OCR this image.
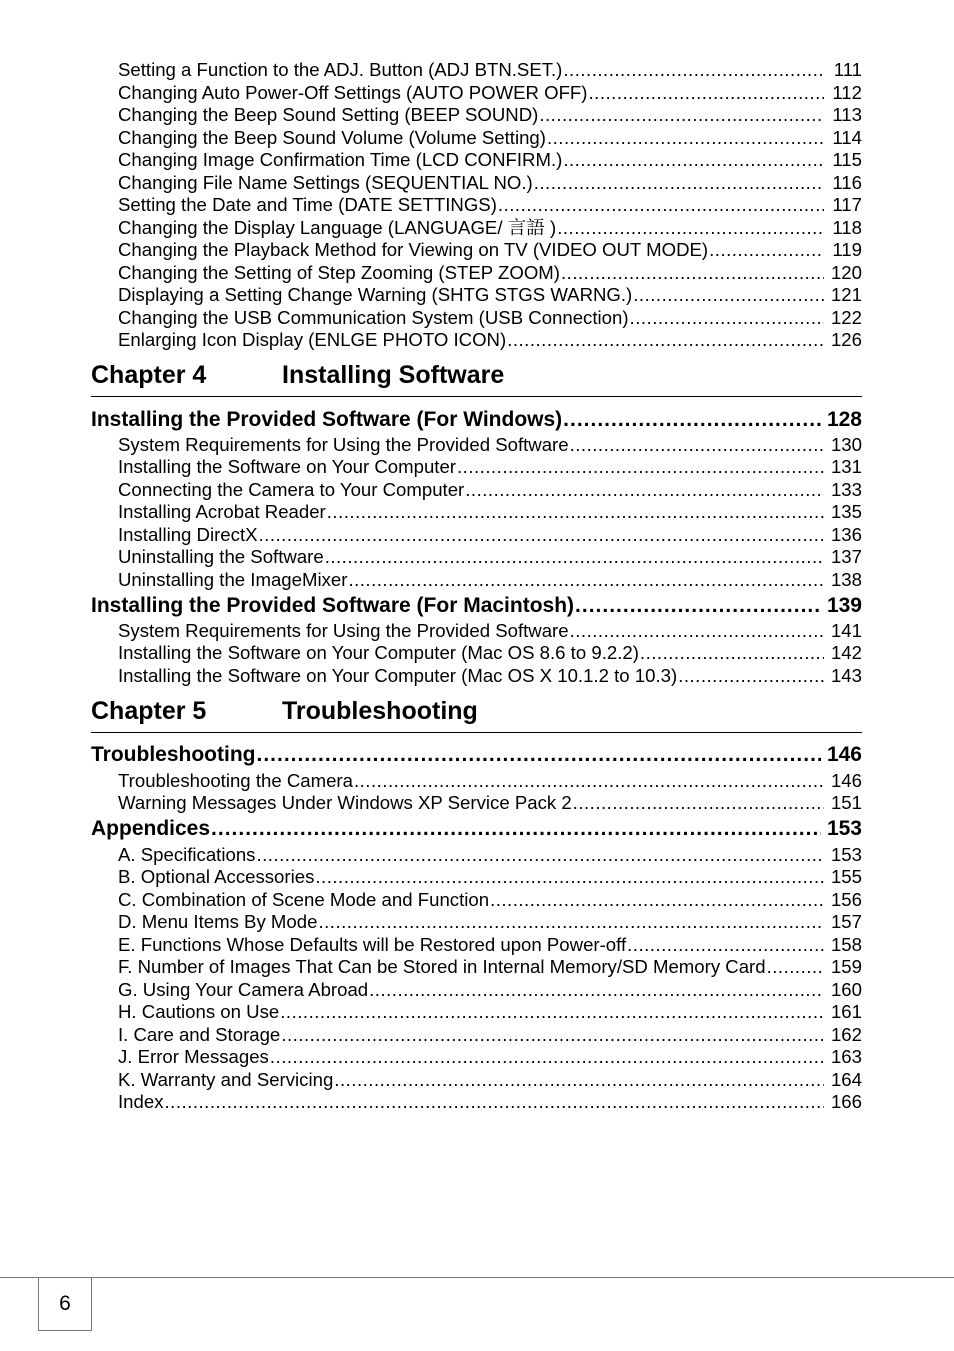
Setting a Function to the ADJ. Button (ADJ BTN.SET.) .....	111
Changing Auto Power-Off Settings (AUTO POWER OFF) .....	112
Changing the Beep Sound Setting (BEEP SOUND) .....	113
Changing the Beep Sound Volume (Volume Setting) .....	114
Changing Image Confirmation Time (LCD CONFIRM.) .....	115
Changing File Name Settings (SEQUENTIAL NO.) .....	116
Setting the Date and Time (DATE SETTINGS) .....	117
Changing the Display Language (LANGUAGE/ 言語 ) .....	118
Changing the Playback Method for Viewing on TV (VIDEO OUT MODE) .....	119
Changing the Setting of Step Zooming (STEP ZOOM) .....	120
Displaying a Setting Change Warning (SHTG STGS WARNG.) .....	121
Changing the USB Communication System (USB Connection) .....	122
Enlarging Icon Display (ENLGE PHOTO ICON) .....	126
Chapter 4	Installing Software
Installing the Provided Software (For Windows) .....	128
System Requirements for Using the Provided Software .....	130
Installing the Software on Your Computer .....	131
Connecting the Camera to Your Computer .....	133
Installing Acrobat Reader .....	135
Installing DirectX .....	136
Uninstalling the Software .....	137
Uninstalling the ImageMixer .....	138
Installing the Provided Software (For Macintosh) .....	139
System Requirements for Using the Provided Software .....	141
Installing the Software on Your Computer (Mac OS 8.6 to 9.2.2) .....	142
Installing the Software on Your Computer (Mac OS X 10.1.2 to 10.3) .....	143
Chapter 5	Troubleshooting
Troubleshooting .....	146
Troubleshooting the Camera .....	146
Warning Messages Under Windows XP Service Pack 2 .....	151
Appendices .....	153
A. Specifications .....	153
B. Optional Accessories .....	155
C. Combination of Scene Mode and Function .....	156
D. Menu Items By Mode .....	157
E. Functions Whose Defaults will be Restored upon Power-off .....	158
F. Number of Images That Can be Stored in Internal Memory/SD Memory Card .....	159
G. Using Your Camera Abroad .....	160
H. Cautions on Use .....	161
I. Care and Storage .....	162
J. Error Messages .....	163
K. Warranty and Servicing .....	164
Index .....	166
6
